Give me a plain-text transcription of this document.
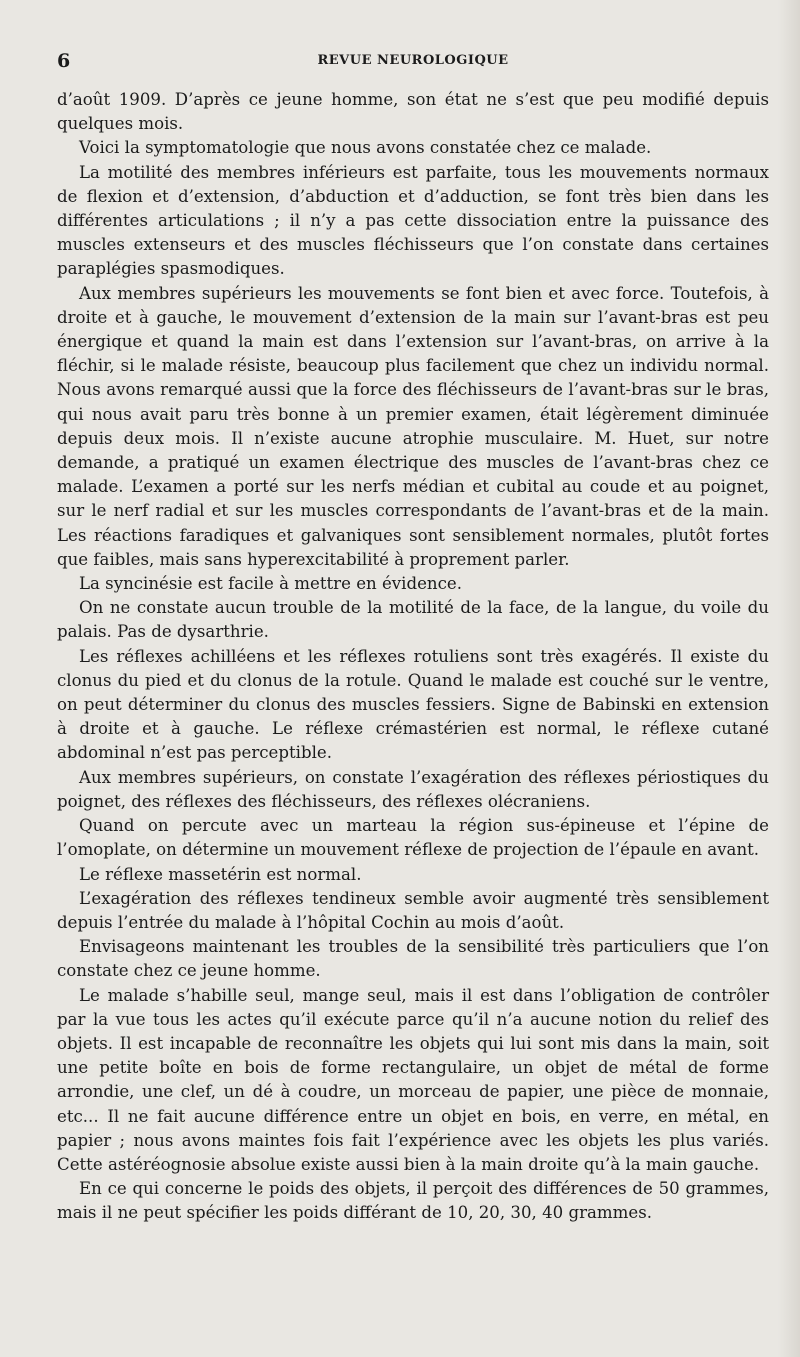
6	REVUE NEUROLOGIQUE

d’août 1909. D’après ce jeune homme, son état ne s’est que peu modifié depuis quelques mois.

Voici la symptomatologie que nous avons constatée chez ce malade.

La motilité des membres inférieurs est parfaite, tous les mouvements normaux de flexion et d’extension, d’abduction et d’adduction, se font très bien dans les différentes articulations ; il n’y a pas cette dissociation entre la puissance des muscles extenseurs et des muscles fléchisseurs que l’on constate dans certaines paraplégies spasmodiques.

Aux membres supérieurs les mouvements se font bien et avec force. Toutefois, à droite et à gauche, le mouvement d’extension de la main sur l’avant-bras est peu énergique et quand la main est dans l’extension sur l’avant-bras, on arrive à la fléchir, si le malade résiste, beaucoup plus facilement que chez un individu normal. Nous avons remarqué aussi que la force des fléchisseurs de l’avant-bras sur le bras, qui nous avait paru très bonne à un premier examen, était légèrement diminuée depuis deux mois. Il n’existe aucune atrophie musculaire. M. Huet, sur notre demande, a pratiqué un examen électrique des muscles de l’avant-bras chez ce malade. L’examen a porté sur les nerfs médian et cubital au coude et au poignet, sur le nerf radial et sur les muscles correspondants de l’avant-bras et de la main. Les réactions faradiques et galvaniques sont sensiblement normales, plutôt fortes que faibles, mais sans hyperexcitabilité à proprement parler.

La syncinésie est facile à mettre en évidence.

On ne constate aucun trouble de la motilité de la face, de la langue, du voile du palais. Pas de dysarthrie.

Les réflexes achilléens et les réflexes rotuliens sont très exagérés. Il existe du clonus du pied et du clonus de la rotule. Quand le malade est couché sur le ventre, on peut déterminer du clonus des muscles fessiers. Signe de Babinski en extension à droite et à gauche. Le réflexe crémastérien est normal, le réflexe cutané abdominal n’est pas perceptible.

Aux membres supérieurs, on constate l’exagération des réflexes périostiques du poignet, des réflexes des fléchisseurs, des réflexes olécraniens.

Quand on percute avec un marteau la région sus-épineuse et l’épine de l’omoplate, on détermine un mouvement réflexe de projection de l’épaule en avant.

Le réflexe massetérin est normal.

L’exagération des réflexes tendineux semble avoir augmenté très sensiblement depuis l’entrée du malade à l’hôpital Cochin au mois d’août.

Envisageons maintenant les troubles de la sensibilité très particuliers que l’on constate chez ce jeune homme.

Le malade s’habille seul, mange seul, mais il est dans l’obligation de contrôler par la vue tous les actes qu’il exécute parce qu’il n’a aucune notion du relief des objets. Il est incapable de reconnaître les objets qui lui sont mis dans la main, soit une petite boîte en bois de forme rectangulaire, un objet de métal de forme arrondie, une clef, un dé à coudre, un morceau de papier, une pièce de monnaie, etc... Il ne fait aucune différence entre un objet en bois, en verre, en métal, en papier ; nous avons maintes fois fait l’expérience avec les objets les plus variés. Cette astéréognosie absolue existe aussi bien à la main droite qu’à la main gauche.

En ce qui concerne le poids des objets, il perçoit des différences de 50 grammes, mais il ne peut spécifier les poids différant de 10, 20, 30, 40 grammes.
